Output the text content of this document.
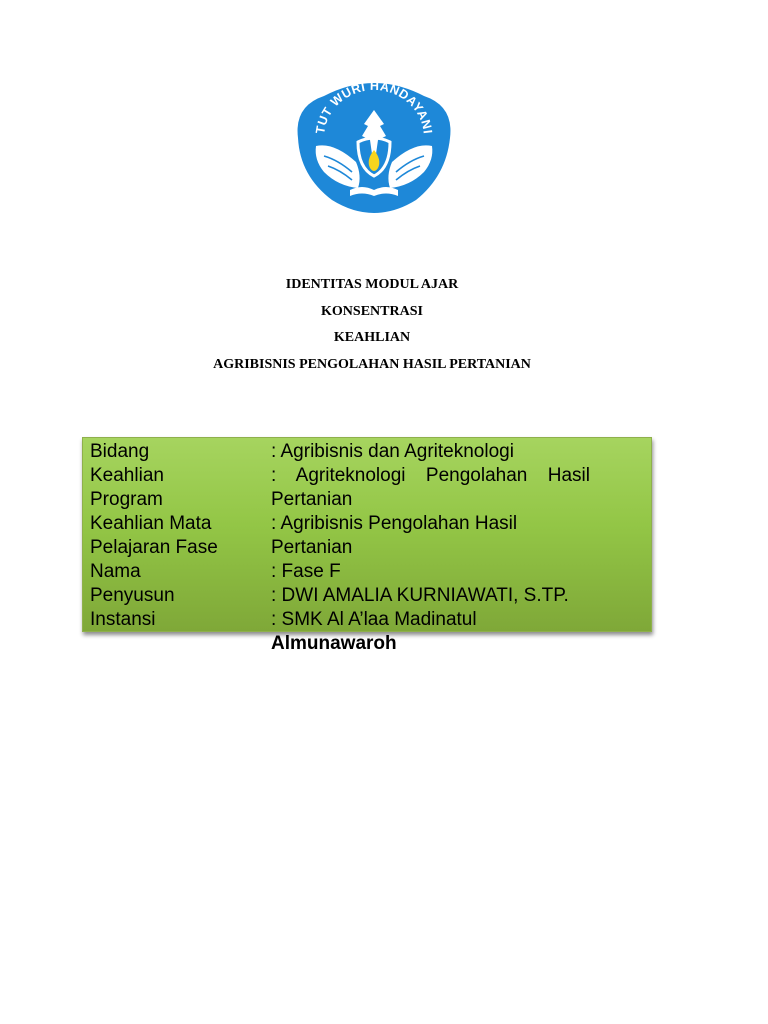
TUT WURI HANDAYANI
IDENTITAS MODUL AJAR
KONSENTRASI
KEAHLIAN
AGRIBISNIS PENGOLAHAN HASIL PERTANIAN
Bidang
Keahlian
Program
Keahlian Mata
Pelajaran Fase
Nama
Penyusun
Instansi
: Agribisnis dan Agriteknologi
: Agriteknologi Pengolahan Hasil
Pertanian
: Agribisnis Pengolahan Hasil
Pertanian
: Fase F
: DWI AMALIA KURNIAWATI, S.TP.
: SMK Al A’laa Madinatul
Almunawaroh
